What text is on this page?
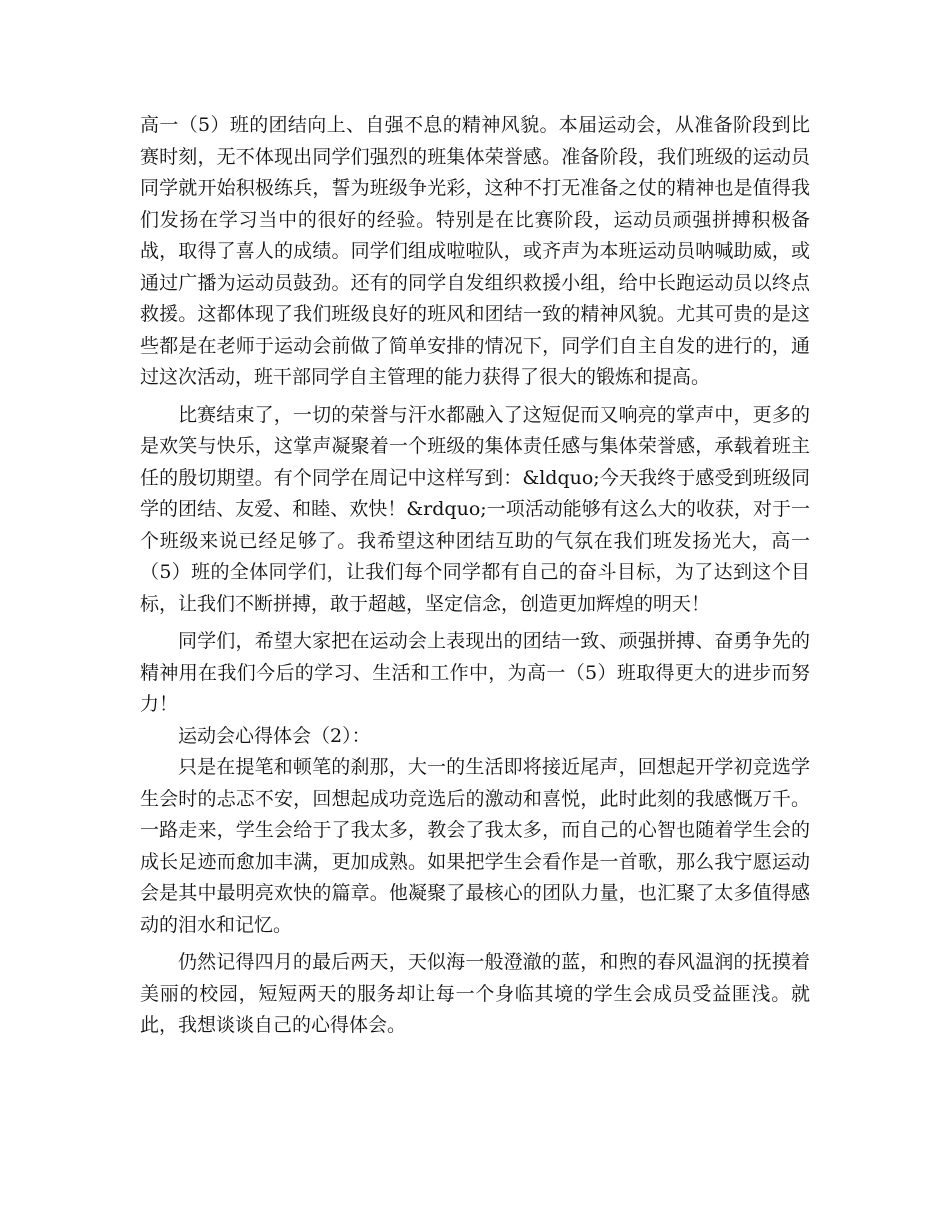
高一（5）班的团结向上、自强不息的精神风貌。本届运动会，从准备阶段到比赛时刻，无不体现出同学们强烈的班集体荣誉感。准备阶段，我们班级的运动员同学就开始积极练兵，誓为班级争光彩，这种不打无准备之仗的精神也是值得我们发扬在学习当中的很好的经验。特别是在比赛阶段，运动员顽强拼搏积极备战，取得了喜人的成绩。同学们组成啦啦队，或齐声为本班运动员呐喊助威，或通过广播为运动员鼓劲。还有的同学自发组织救援小组，给中长跑运动员以终点救援。这都体现了我们班级良好的班风和团结一致的精神风貌。尤其可贵的是这些都是在老师于运动会前做了简单安排的情况下，同学们自主自发的进行的，通过这次活动，班干部同学自主管理的能力获得了很大的锻炼和提高。

比赛结束了，一切的荣誉与汗水都融入了这短促而又响亮的掌声中，更多的是欢笑与快乐，这掌声凝聚着一个班级的集体责任感与集体荣誉感，承载着班主任的殷切期望。有个同学在周记中这样写到：&ldquo;今天我终于感受到班级同学的团结、友爱、和睦、欢快！&rdquo;一项活动能够有这么大的收获，对于一个班级来说已经足够了。我希望这种团结互助的气氛在我们班发扬光大，高一（5）班的全体同学们，让我们每个同学都有自己的奋斗目标，为了达到这个目标，让我们不断拼搏，敢于超越，坚定信念，创造更加辉煌的明天！

同学们，希望大家把在运动会上表现出的团结一致、顽强拼搏、奋勇争先的精神用在我们今后的学习、生活和工作中，为高一（5）班取得更大的进步而努力！

运动会心得体会（2）：

只是在提笔和顿笔的刹那，大一的生活即将接近尾声，回想起开学初竞选学生会时的忐忑不安，回想起成功竞选后的激动和喜悦，此时此刻的我感慨万千。一路走来，学生会给于了我太多，教会了我太多，而自己的心智也随着学生会的成长足迹而愈加丰满，更加成熟。如果把学生会看作是一首歌，那么我宁愿运动会是其中最明亮欢快的篇章。他凝聚了最核心的团队力量，也汇聚了太多值得感动的泪水和记忆。

仍然记得四月的最后两天，天似海一般澄澈的蓝，和煦的春风温润的抚摸着美丽的校园，短短两天的服务却让每一个身临其境的学生会成员受益匪浅。就此，我想谈谈自己的心得体会。
